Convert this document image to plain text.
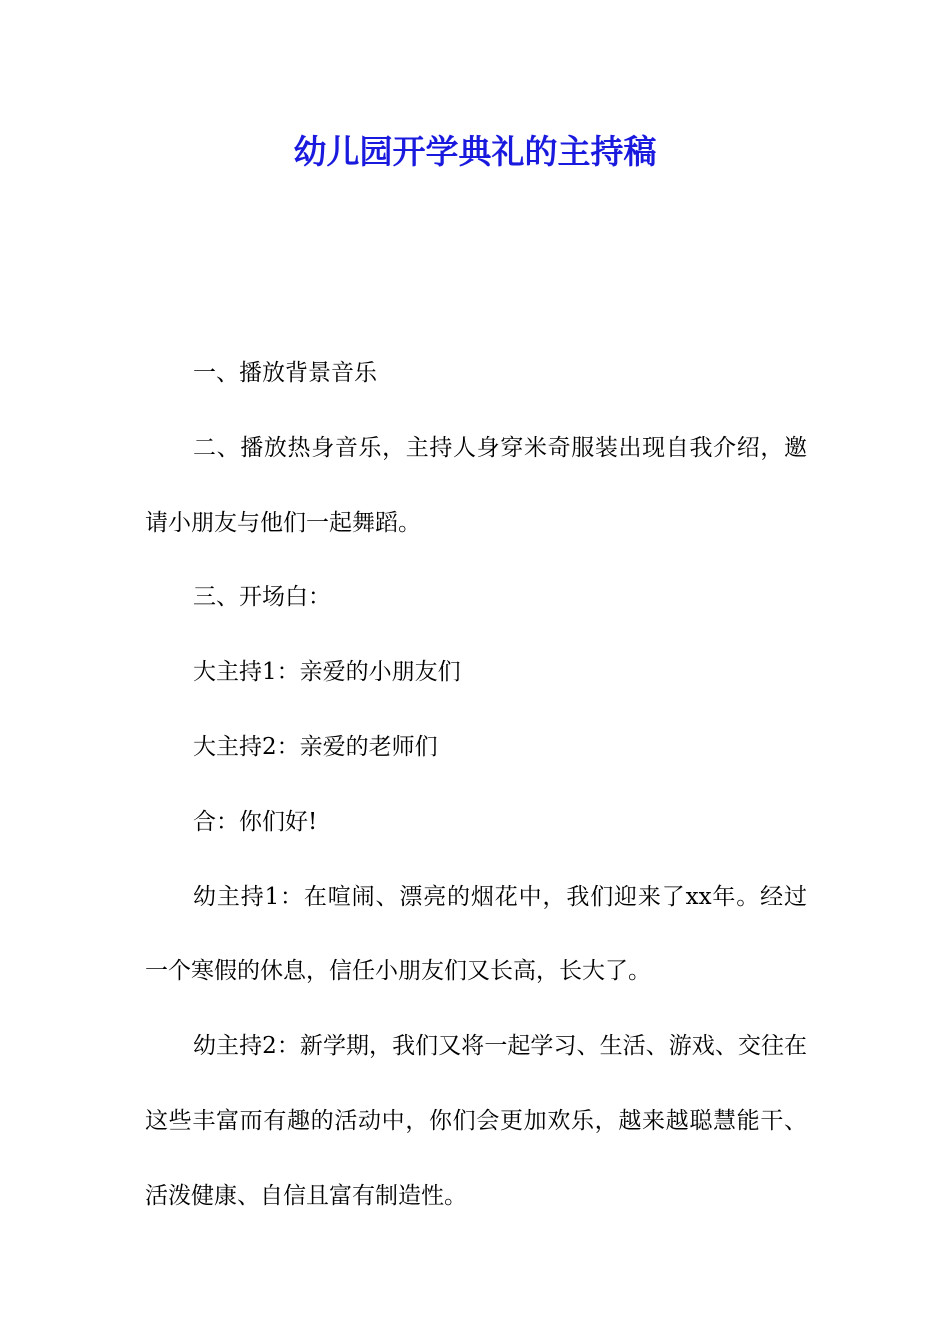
幼儿园开学典礼的主持稿

一、播放背景音乐

二、播放热身音乐，主持人身穿米奇服装出现自我介绍，邀请小朋友与他们一起舞蹈。

三、开场白：

大主持1：亲爱的小朋友们

大主持2：亲爱的老师们

合：你们好!

幼主持1：在喧闹、漂亮的烟花中，我们迎来了xx年。经过一个寒假的休息，信任小朋友们又长高，长大了。

幼主持2：新学期，我们又将一起学习、生活、游戏、交往在这些丰富而有趣的活动中，你们会更加欢乐，越来越聪慧能干、活泼健康、自信且富有制造性。
